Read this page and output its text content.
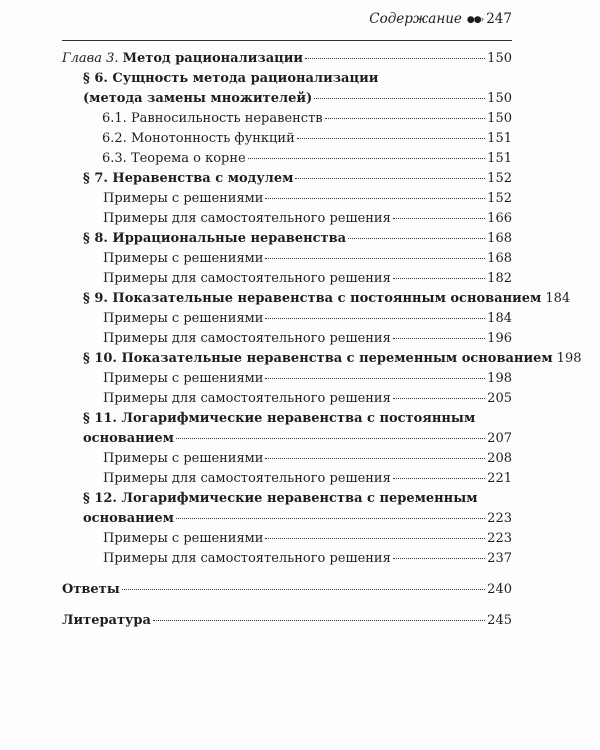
Содержание ●●› 247
Глава 3. Метод рационализации	150
§ 6. Сущность метода рационализации
(метода замены множителей)	150
6.1. Равносильность неравенств	150
6.2. Монотонность функций	151
6.3. Теорема о корне	151
§ 7. Неравенства с модулем	152
Примеры с решениями	152
Примеры для самостоятельного решения	166
§ 8. Иррациональные неравенства	168
Примеры с решениями	168
Примеры для самостоятельного решения	182
§ 9. Показательные неравенства с постоянным основанием 184
Примеры с решениями	184
Примеры для самостоятельного решения	196
§ 10. Показательные неравенства с переменным основанием 198
Примеры с решениями	198
Примеры для самостоятельного решения	205
§ 11. Логарифмические неравенства с постоянным
основанием	207
Примеры с решениями	208
Примеры для самостоятельного решения	221
§ 12. Логарифмические неравенства с переменным
основанием	223
Примеры с решениями	223
Примеры для самостоятельного решения	237
Ответы	240
Литература	245
